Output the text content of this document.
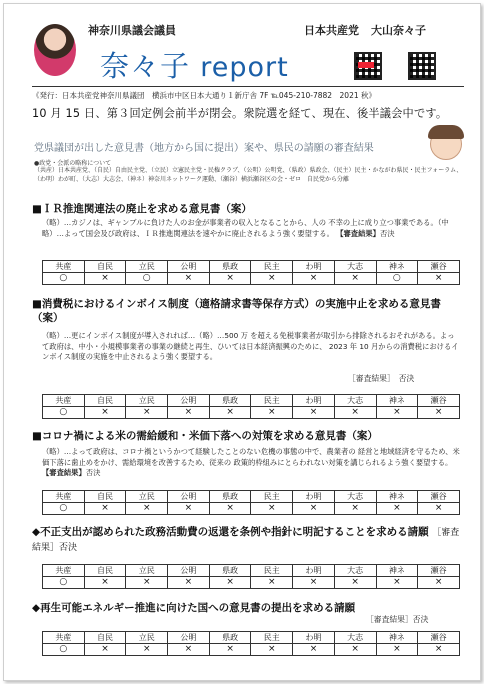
神奈川県議会議員	日本共産党 大山奈々子
奈々子 report
《発行：日本共産党神奈川県議団　横浜市中区日本大通り１新庁舎 7F ℡045-210-7882　2021 秋》
10 月 15 日、第３回定例会前半が閉会。衆院選を経て、現在、後半議会中です。
党県議団が出した意見書（地方から国に提出）案や、県民の請願の審査結果
●政党・会派の略称について
（共産）日本共産党、（自民）自由民主党、（立民）立憲民主党・民権クラブ、（公明）公明党、（県政）県政会、（民主）民主・かながわ県民・民主フォーラム、（わ明）わが町、（大志）大志会、（神ネ）神奈川ネットワーク運動、（瀬谷）横浜瀬谷区の会・ゼロ　自民党から分離
■ＩＲ推進関連法の廃止を求める意見書（案）
（略）…カジノは、ギャンブルに負けた人のお金が事業者の収入となることから、人の 不幸の上に成り立つ事業である。（中略）…よって国会及び政府は、ＩＲ推進関連法を速やかに廃止されるよう強く要望する。 【審査結果】否決
共産	自民	立民	公明	県政	民主	わ明	大志	神ネ	瀬谷
○	×	○	×	×	×	×	×	○	×
■消費税におけるインボイス制度（適格請求書等保存方式）の実施中止を求める意見書（案）
（略）…更にインボイス制度が導入されれば…（略）…500 万 を超える免税事業者が取引から排除されるおそれがある。よって政府は、中小・小規模事業者の事業の継続と再生、ひいては日本経済振興のために、 2023 年 10 月からの消費税におけるインボイス制度の実施を中止されるよう強く要望する。
［審査結果］　 否決
共産	自民	立民	公明	県政	民主	わ明	大志	神ネ	瀬谷
○	×	×	×	×	×	×	×	×	×
■コロナ禍による米の需給緩和・米価下落への対策を求める意見書（案）
（略）…よって政府は、コロナ禍というかつて経験したことのない危機の事態の中で、農業者の 経営と地域経済を守るため、米価下落に歯止めをかけ、需給環境を改善するため、従来の 政策的枠組みにとらわれない対策を講じられるよう強く要望する。 【審査結果】否決
共産	自民	立民	公明	県政	民主	わ明	大志	神ネ	瀬谷
○	×	×	×	×	×	×	×	×	×
◆不正支出が認められた政務活動費の返還を条例や指針に明記することを求める請願 ［審査結果］否決
共産	自民	立民	公明	県政	民主	わ明	大志	神ネ	瀬谷
○	×	×	×	×	×	×	×	×	×
◆再生可能エネルギー推進に向けた国への意見書の提出を求める請願
［審査結果］否決
共産	自民	立民	公明	県政	民主	わ明	大志	神ネ	瀬谷
○	×	×	×	×	×	×	×	×	×
